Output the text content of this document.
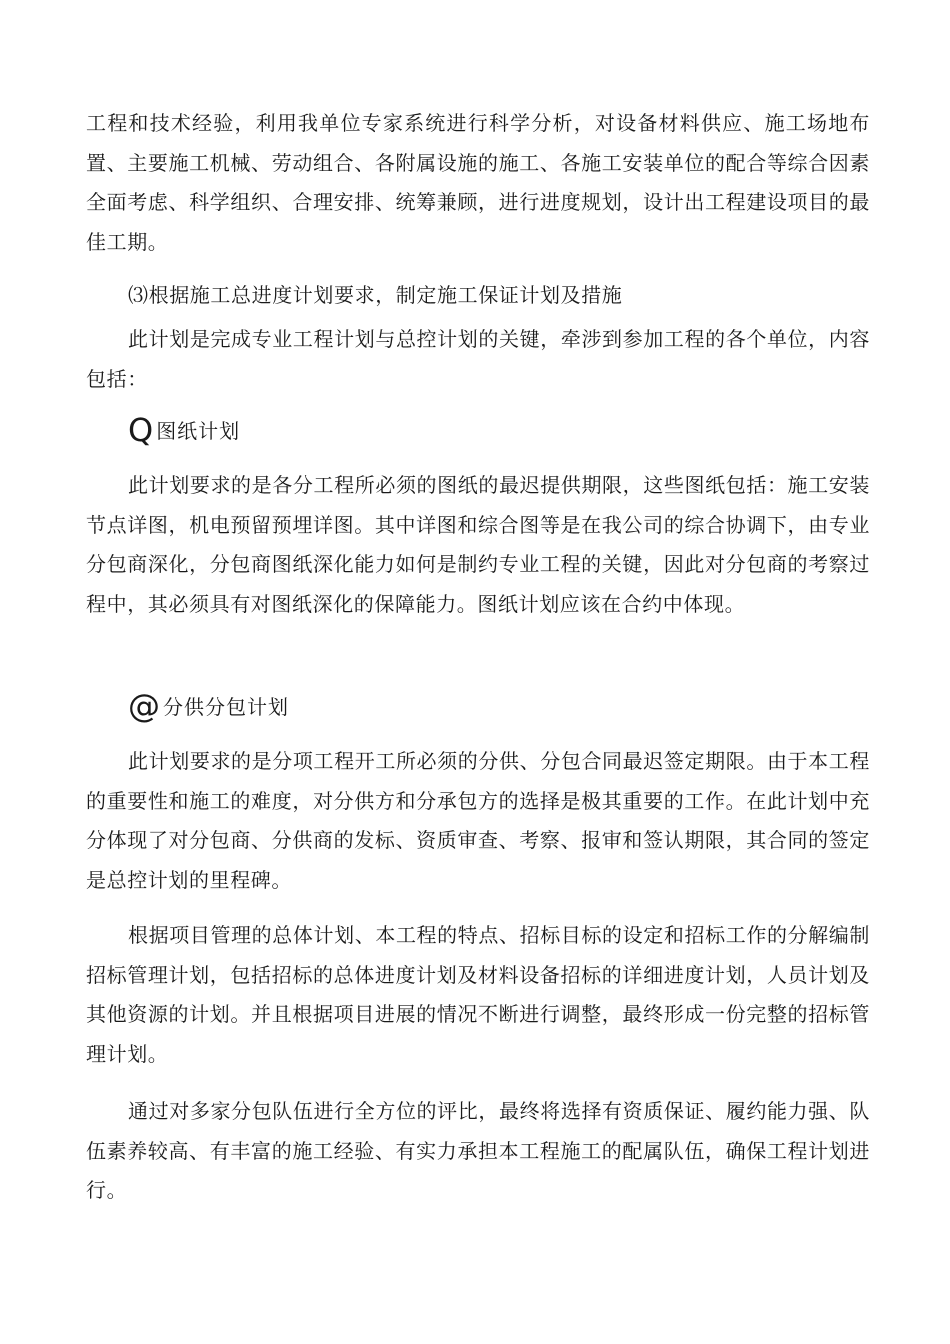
工程和技术经验，利用我单位专家系统进行科学分析，对设备材料供应、施工场地布置、主要施工机械、劳动组合、各附属设施的施工、各施工安装单位的配合等综合因素全面考虑、科学组织、合理安排、统筹兼顾，进行进度规划，设计出工程建设项目的最佳工期。

⑶根据施工总进度计划要求，制定施工保证计划及措施

此计划是完成专业工程计划与总控计划的关键，牵涉到参加工程的各个单位，内容包括：

Q图纸计划

此计划要求的是各分工程所必须的图纸的最迟提供期限，这些图纸包括：施工安装节点详图，机电预留预埋详图。其中详图和综合图等是在我公司的综合协调下，由专业分包商深化，分包商图纸深化能力如何是制约专业工程的关键，因此对分包商的考察过程中，其必须具有对图纸深化的保障能力。图纸计划应该在合约中体现。

@ 分供分包计划

此计划要求的是分项工程开工所必须的分供、分包合同最迟签定期限。由于本工程的重要性和施工的难度，对分供方和分承包方的选择是极其重要的工作。在此计划中充分体现了对分包商、分供商的发标、资质审查、考察、报审和签认期限，其合同的签定是总控计划的里程碑。

根据项目管理的总体计划、本工程的特点、招标目标的设定和招标工作的分解编制招标管理计划，包括招标的总体进度计划及材料设备招标的详细进度计划，人员计划及其他资源的计划。并且根据项目进展的情况不断进行调整，最终形成一份完整的招标管理计划。

通过对多家分包队伍进行全方位的评比，最终将选择有资质保证、履约能力强、队伍素养较高、有丰富的施工经验、有实力承担本工程施工的配属队伍，确保工程计划进行。
